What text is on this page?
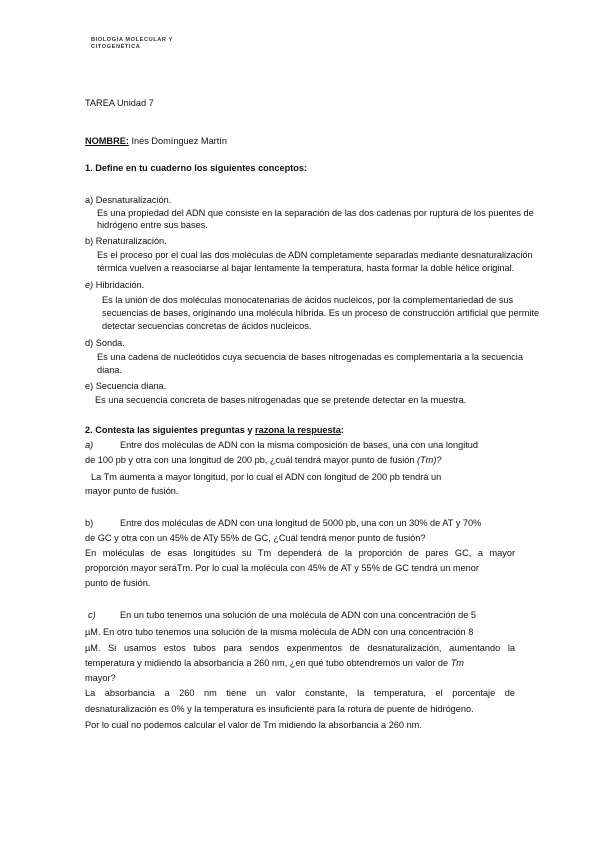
BIOLOGÍA MOLECULAR Y
CITOGENÉTICA
TAREA Unidad 7
NOMBRE: Inés Domínguez Martín
1. Define en tu cuaderno los siguientes conceptos:
a) Desnaturalización.
Es una propiedad del ADN que consiste en la separación de las dos cadenas por ruptura de los puentes de
hidrógeno entre sus bases.
b) Renaturalización.
Es el proceso por el cual las dos moléculas de ADN completamente separadas mediante desnaturalización
térmica vuelven a reasociarse al bajar lentamente la temperatura, hasta formar la doble hélice original.
e) Hibridación.
Es la unión de dos moléculas monocatenarias de ácidos nucleicos, por la complementariedad de sus
secuencias de bases, originando una molécula híbrida. Es un proceso de construcción artificial que permite
detectar secuencias concretas de ácidos nucleicos.
d) Sonda.
Es una cadena de nucleótidos cuya secuencia de bases nitrogenadas es complementaria a la secuencia
diana.
e) Secuencia diana.
Es una secuencia concreta de bases nitrogenadas que se pretende detectar en la muestra.
2. Contesta las siguientes preguntas y razona la respuesta:
a)	Entre dos moléculas de ADN con la misma composición de bases, una con una longitud
de 100 pb y otra con una longitud de 200 pb, ¿cuál tendrá mayor punto de fusión (Tm)?
La Tm aumenta a mayor longitud, por lo cual el ADN con longitud de 200 pb tendrá un
mayor punto de fusión.
b)	Entre dos moléculas de ADN con una longitud de 5000 pb, una con un 30% de AT y 70%
de GC y otra con un 45% de ATy 55% de GC, ¿Cuál tendrá menor punto de fusión?
En moléculas de esas longitudes su Tm dependerá de la proporción de pares GC, a mayor
proporción mayor seráTm. Por lo cual la molécula con 45% de AT y 55% de GC tendrá un menor
punto de fusión.
c)	En un tubo tenemos una solución de una molécula de ADN con una concentración de 5
µM. En otro tubo tenemos una solución de la misma molécula de ADN con una concentración 8
µM. Si usamos estos tubos para sendos experimentos de desnaturalización, aumentando la
temperatura y midiendo la absorbancia a 260 nm, ¿en qué tubo obtendremos un valor de Tm
mayor?
La absorbancia a 260 nm tiene un valor constante, la temperatura, el porcentaje de
desnaturalización es 0% y la temperatura es insuficiente para la rotura de puente de hidrógeno.
Por lo cual no podemos calcular el valor de Tm midiendo la absorbancia a 260 nm.
